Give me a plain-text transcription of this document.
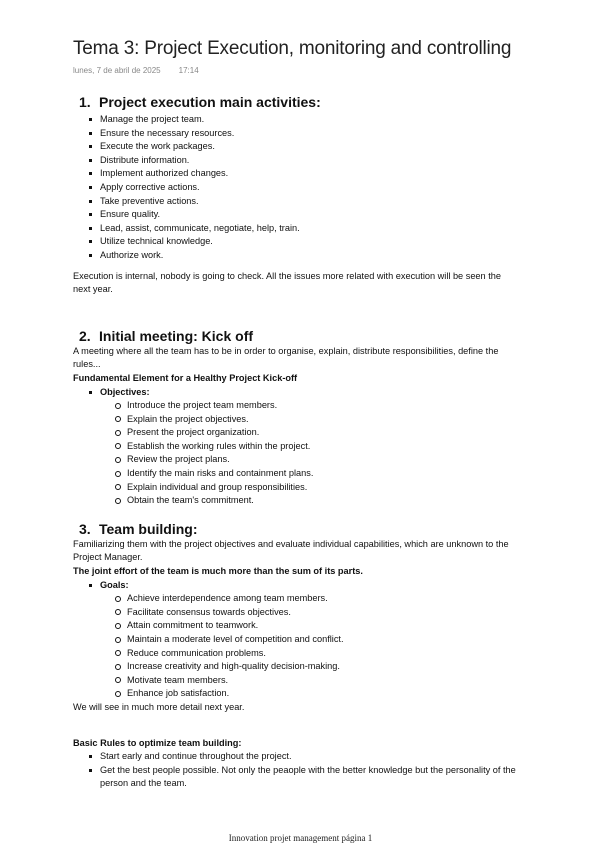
Tema 3: Project Execution, monitoring and controlling
lunes, 7 de abril de 2025 17:14
1. Project execution main activities:
Manage the project team.
Ensure the necessary resources.
Execute the work packages.
Distribute information.
Implement authorized changes.
Apply corrective actions.
Take preventive actions.
Ensure quality.
Lead, assist, communicate, negotiate, help, train.
Utilize technical knowledge.
Authorize work.

Execution is internal, nobody is going to check. All the issues more related with execution will be seen the next year.

2. Initial meeting: Kick off

A meeting where all the team has to be in order to organise, explain, distribute responsibilities, define the rules...

Fundamental Element for a Healthy Project Kick-off

Objectives:
Introduce the project team members.
Explain the project objectives.
Present the project organization.
Establish the working rules within the project.
Review the project plans.
Identify the main risks and containment plans.
Explain individual and group responsibilities.
Obtain the team's commitment.
3. Team building:

Familiarizing them with the project objectives and evaluate individual capabilities, which are unknown to the Project Manager.

The joint effort of the team is much more than the sum of its parts.

Goals:
Achieve interdependence among team members.
Facilitate consensus towards objectives.
Attain commitment to teamwork.
Maintain a moderate level of competition and conflict.
Reduce communication problems.
Increase creativity and high-quality decision-making.
Motivate team members.
Enhance job satisfaction.

We will see in much more detail next year.

Basic Rules to optimize team building:

Start early and continue throughout the project.
Get the best people possible. Not only the peaople with the better knowledge but the personality of the person and the team.
Innovation projet management página 1
